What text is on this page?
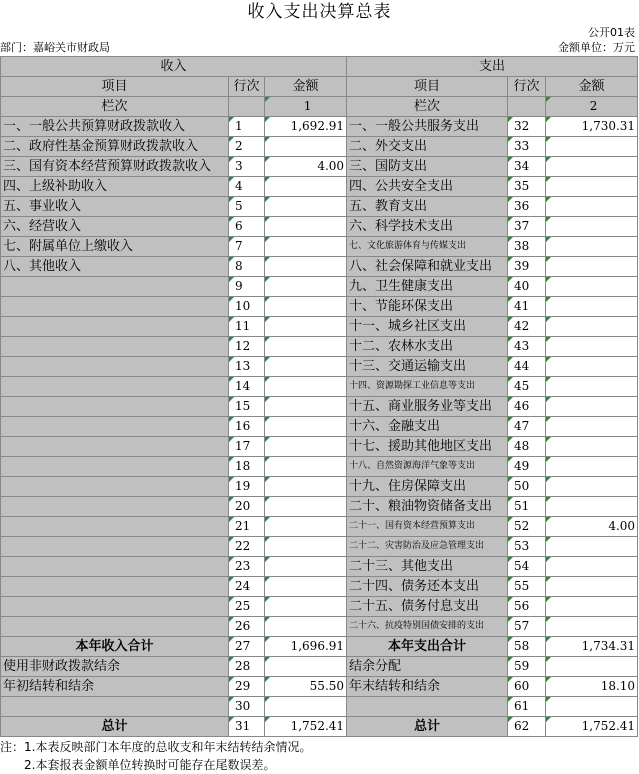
收入支出决算总表
公开01表
部门：嘉峪关市财政局	金额单位：万元
收入			支出		
项目	行次	金额	项目	行次	金额
栏次		1	栏次		2
一、一般公共预算财政拨款收入	1	1,692.91	一、一般公共服务支出	32	1,730.31
二、政府性基金预算财政拨款收入	2		二、外交支出	33	
三、国有资本经营预算财政拨款收入	3	4.00	三、国防支出	34	
四、上级补助收入	4		四、公共安全支出	35	
五、事业收入	5		五、教育支出	36	
六、经营收入	6		六、科学技术支出	37	
七、附属单位上缴收入	7		七、文化旅游体育与传媒支出	38	
八、其他收入	8		八、社会保障和就业支出	39	
	9		九、卫生健康支出	40	
	10		十、节能环保支出	41	
	11		十一、城乡社区支出	42	
	12		十二、农林水支出	43	
	13		十三、交通运输支出	44	
	14		十四、资源勘探工业信息等支出	45	
	15		十五、商业服务业等支出	46	
	16		十六、金融支出	47	
	17		十七、援助其他地区支出	48	
	18		十八、自然资源海洋气象等支出	49	
	19		十九、住房保障支出	50	
	20		二十、粮油物资储备支出	51	
	21		二十一、国有资本经营预算支出	52	4.00
	22		二十二、灾害防治及应急管理支出	53	
	23		二十三、其他支出	54	
	24		二十四、债务还本支出	55	
	25		二十五、债务付息支出	56	
	26		二十六、抗疫特别国债安排的支出	57	
本年收入合计	27	1,696.91	本年支出合计	58	1,734.31
使用非财政拨款结余	28		结余分配	59	
年初结转和结余	29	55.50	年末结转和结余	60	18.10
	30			61	
总计	31	1,752.41	总计	62	1,752.41
注：1.本表反映部门本年度的总收支和年末结转结余情况。
　　2.本套报表金额单位转换时可能存在尾数误差。
